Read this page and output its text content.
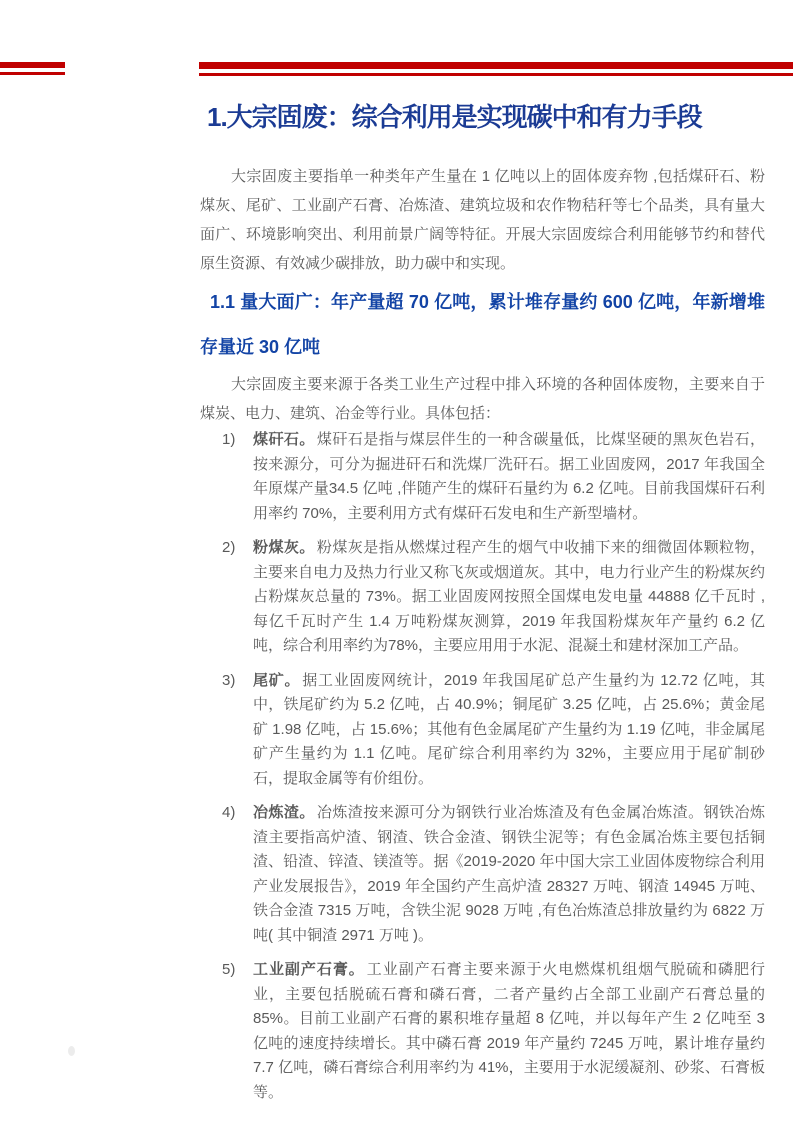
1.大宗固废：综合利用是实现碳中和有力手段

大宗固废主要指单一种类年产生量在 1 亿吨以上的固体废弃物 ,包括煤矸石、粉煤灰、尾矿、工业副产石膏、冶炼渣、建筑垃圾和农作物秸秆等七个品类，具有量大面广、环境影响突出、利用前景广阔等特征。开展大宗固废综合利用能够节约和替代原生资源、有效减少碳排放，助力碳中和实现。

1.1 量大面广：年产量超 70 亿吨，累计堆存量约 600 亿吨，年新增堆存量近 30 亿吨

大宗固废主要来源于各类工业生产过程中排入环境的各种固体废物，主要来自于煤炭、电力、建筑、冶金等行业。具体包括：

1)	煤矸石。 煤矸石是指与煤层伴生的一种含碳量低，比煤坚硬的黑灰色岩石，按来源分，可分为掘进矸石和洗煤厂洗矸石。据工业固废网，2017 年我国全年原煤产量34.5 亿吨 ,伴随产生的煤矸石量约为 6.2 亿吨。目前我国煤矸石利用率约 70%，主要利用方式有煤矸石发电和生产新型墙材。
2)	粉煤灰。 粉煤灰是指从燃煤过程产生的烟气中收捕下来的细微固体颗粒物，主要来自电力及热力行业又称飞灰或烟道灰。其中，电力行业产生的粉煤灰约占粉煤灰总量的 73%。据工业固废网按照全国煤电发电量 44888 亿千瓦时 ,每亿千瓦时产生 1.4 万吨粉煤灰测算，2019 年我国粉煤灰年产量约 6.2 亿吨，综合利用率约为78%，主要应用用于水泥、混凝土和建材深加工产品。
3)	尾矿。 据工业固废网统计，2019 年我国尾矿总产生量约为 12.72 亿吨，其中，铁尾矿约为 5.2 亿吨，占 40.9%；铜尾矿 3.25 亿吨，占 25.6%；黄金尾矿 1.98 亿吨，占 15.6%；其他有色金属尾矿产生量约为 1.19 亿吨，非金属尾矿产生量约为 1.1 亿吨。尾矿综合利用率约为 32%，主要应用于尾矿制砂石，提取金属等有价组份。
4)	冶炼渣。 冶炼渣按来源可分为钢铁行业冶炼渣及有色金属冶炼渣。钢铁冶炼渣主要指高炉渣、钢渣、铁合金渣、钢铁尘泥等；有色金属冶炼主要包括铜渣、铅渣、锌渣、镁渣等。据《2019-2020 年中国大宗工业固体废物综合利用产业发展报告》，2019 年全国约产生高炉渣 28327 万吨、钢渣 14945 万吨、铁合金渣 7315 万吨，含铁尘泥 9028 万吨 ,有色冶炼渣总排放量约为 6822 万吨( 其中铜渣 2971 万吨 )。
5)	工业副产石膏。 工业副产石膏主要来源于火电燃煤机组烟气脱硫和磷肥行业，主要包括脱硫石膏和磷石膏，二者产量约占全部工业副产石膏总量的 85%。目前工业副产石膏的累积堆存量超 8 亿吨，并以每年产生 2 亿吨至 3 亿吨的速度持续增长。其中磷石膏 2019 年产量约 7245 万吨，累计堆存量约 7.7 亿吨，磷石膏综合利用率约为 41%，主要用于水泥缓凝剂、砂浆、石膏板等。
